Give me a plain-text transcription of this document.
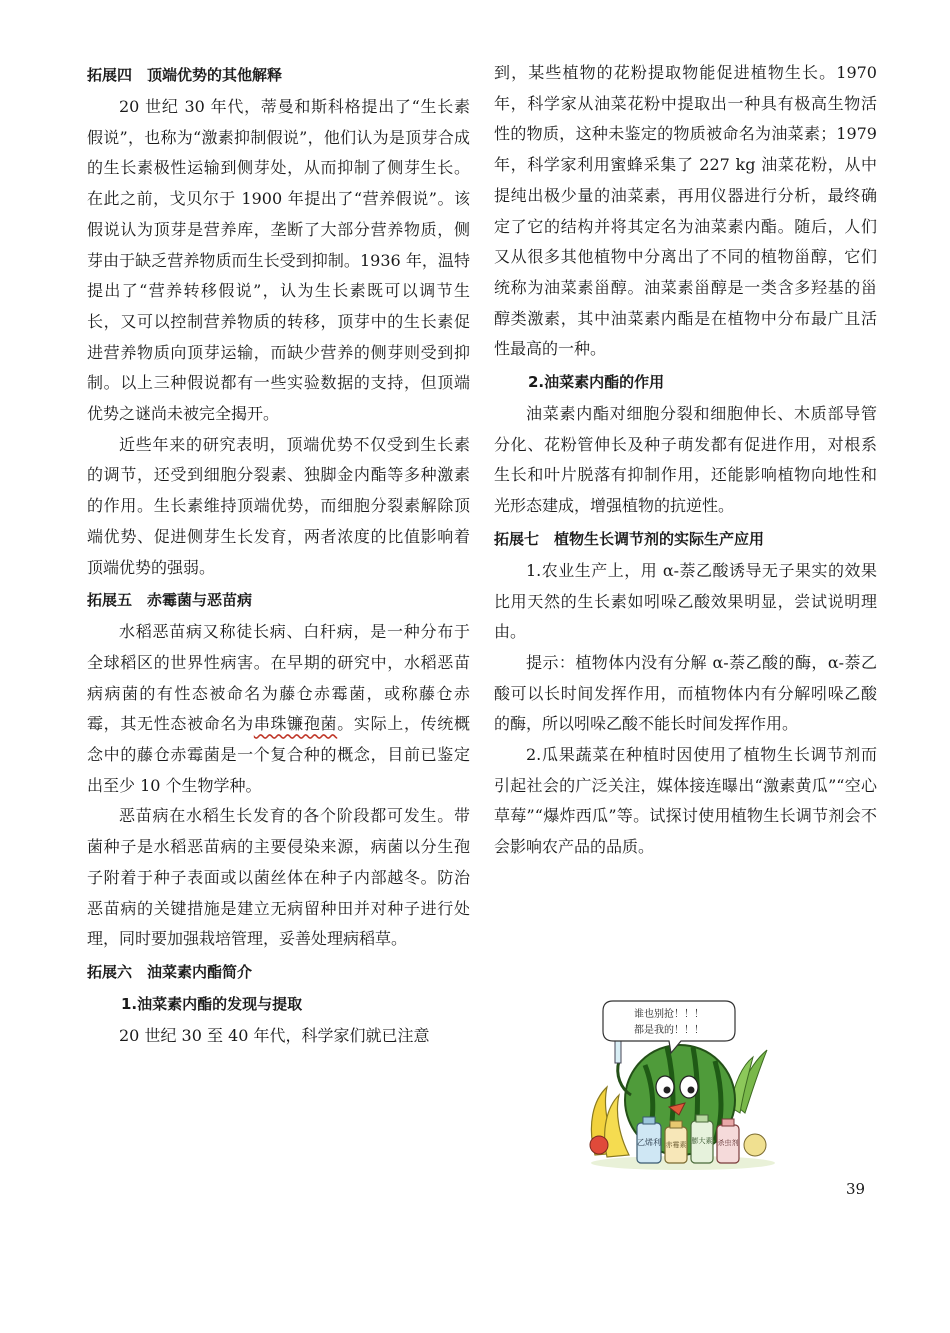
拓展四　顶端优势的其他解释

20 世纪 30 年代，蒂曼和斯科格提出了“生长素假说”，也称为“激素抑制假说”，他们认为是顶芽合成的生长素极性运输到侧芽处，从而抑制了侧芽生长。在此之前，戈贝尔于 1900 年提出了“营养假说”。该假说认为顶芽是营养库，垄断了大部分营养物质，侧芽由于缺乏营养物质而生长受到抑制。1936 年，温特提出了“营养转移假说”，认为生长素既可以调节生长，又可以控制营养物质的转移，顶芽中的生长素促进营养物质向顶芽运输，而缺少营养的侧芽则受到抑制。以上三种假说都有一些实验数据的支持，但顶端优势之谜尚未被完全揭开。

近些年来的研究表明，顶端优势不仅受到生长素的调节，还受到细胞分裂素、独脚金内酯等多种激素的作用。生长素维持顶端优势，而细胞分裂素解除顶端优势、促进侧芽生长发育，两者浓度的比值影响着顶端优势的强弱。

拓展五　赤霉菌与恶苗病

水稻恶苗病又称徒长病、白秆病，是一种分布于全球稻区的世界性病害。在早期的研究中，水稻恶苗病病菌的有性态被命名为藤仓赤霉菌，或称藤仓赤霉，其无性态被命名为串珠镰孢菌。实际上，传统概念中的藤仓赤霉菌是一个复合种的概念，目前已鉴定出至少 10 个生物学种。

恶苗病在水稻生长发育的各个阶段都可发生。带菌种子是水稻恶苗病的主要侵染来源，病菌以分生孢子附着于种子表面或以菌丝体在种子内部越冬。防治恶苗病的关键措施是建立无病留种田并对种子进行处理，同时要加强栽培管理，妥善处理病稻草。

拓展六　油菜素内酯简介
1.油菜素内酯的发现与提取

20 世纪 30 至 40 年代，科学家们就已注意

到，某些植物的花粉提取物能促进植物生长。1970 年，科学家从油菜花粉中提取出一种具有极高生物活性的物质，这种未鉴定的物质被命名为油菜素；1979 年，科学家利用蜜蜂采集了 227 kg 油菜花粉，从中提纯出极少量的油菜素，再用仪器进行分析，最终确定了它的结构并将其定名为油菜素内酯。随后，人们又从很多其他植物中分离出了不同的植物甾醇，它们统称为油菜素甾醇。油菜素甾醇是一类含多羟基的甾醇类激素，其中油菜素内酯是在植物中分布最广且活性最高的一种。

2.油菜素内酯的作用

油菜素内酯对细胞分裂和细胞伸长、木质部导管分化、花粉管伸长及种子萌发都有促进作用，对根系生长和叶片脱落有抑制作用，还能影响植物向地性和光形态建成，增强植物的抗逆性。

拓展七　植物生长调节剂的实际生产应用

1.农业生产上，用 α-萘乙酸诱导无子果实的效果比用天然的生长素如吲哚乙酸效果明显，尝试说明理由。

提示：植物体内没有分解 α-萘乙酸的酶，α-萘乙酸可以长时间发挥作用，而植物体内有分解吲哚乙酸的酶，所以吲哚乙酸不能长时间发挥作用。

2.瓜果蔬菜在种植时因使用了植物生长调节剂而引起社会的广泛关注，媒体接连曝出“激素黄瓜”“空心草莓”“爆炸西瓜”等。试探讨使用植物生长调节剂会不会影响农产品的品质。

乙烯利 赤霉素 膨大素 杀虫剂
谁也别抢！！！
都是我的！！！
39
